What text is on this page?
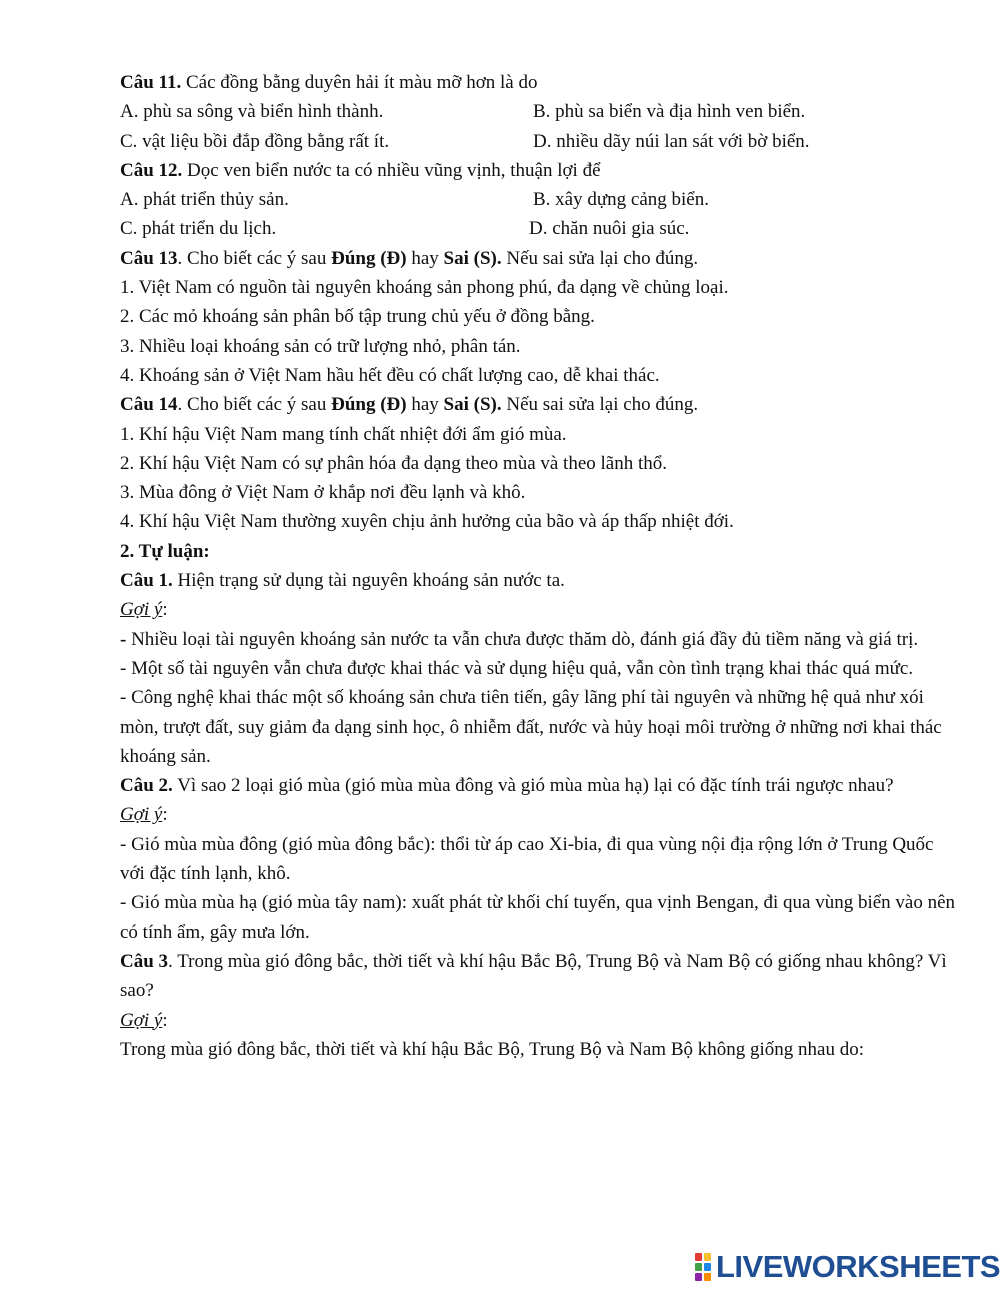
Câu 11. Các đồng bằng duyên hải ít màu mỡ hơn là do
A. phù sa sông và biển hình thành.	B. phù sa biển và địa hình ven biển.
C. vật liệu bồi đắp đồng bằng rất ít.	D. nhiều dãy núi lan sát với bờ biển.
Câu 12. Dọc ven biển nước ta có nhiều vũng vịnh, thuận lợi để
A. phát triển thủy sản.	B. xây dựng cảng biển.
C. phát triển du lịch.	D. chăn nuôi gia súc.
Câu 13. Cho biết các ý sau Đúng (Đ) hay Sai (S). Nếu sai sửa lại cho đúng.
1. Việt Nam có nguồn tài nguyên khoáng sản phong phú, đa dạng về chủng loại.
2. Các mỏ khoáng sản phân bố tập trung chủ yếu ở đồng bằng.
3. Nhiều loại khoáng sản có trữ lượng nhỏ, phân tán.
4. Khoáng sản ở Việt Nam hầu hết đều có chất lượng cao, dễ khai thác.
Câu 14. Cho biết các ý sau Đúng (Đ) hay Sai (S). Nếu sai sửa lại cho đúng.
1. Khí hậu Việt Nam mang tính chất nhiệt đới ẩm gió mùa.
2. Khí hậu Việt Nam có sự phân hóa đa dạng theo mùa và theo lãnh thổ.
3. Mùa đông ở Việt Nam ở khắp nơi đều lạnh và khô.
4. Khí hậu Việt Nam thường xuyên chịu ảnh hưởng của bão và áp thấp nhiệt đới.
2. Tự luận:
Câu 1. Hiện trạng sử dụng tài nguyên khoáng sản nước ta.
Gợi ý:
- Nhiều loại tài nguyên khoáng sản nước ta vẫn chưa được thăm dò, đánh giá đầy đủ tiềm năng và giá trị.
- Một số tài nguyên vẫn chưa được khai thác và sử dụng hiệu quả, vẫn còn tình trạng khai thác quá mức.
- Công nghệ khai thác một số khoáng sản chưa tiên tiến, gây lãng phí tài nguyên và những hệ quả như xói mòn, trượt đất, suy giảm đa dạng sinh học, ô nhiễm đất, nước và hủy hoại môi trường ở những nơi khai thác khoáng sản.
Câu 2. Vì sao 2 loại gió mùa (gió mùa mùa đông và gió mùa mùa hạ) lại có đặc tính trái ngược nhau?
Gợi ý:
- Gió mùa mùa đông (gió mùa đông bắc): thổi từ áp cao Xi-bia, đi qua vùng nội địa rộng lớn ở Trung Quốc với đặc tính lạnh, khô.
- Gió mùa mùa hạ (gió mùa tây nam): xuất phát từ khối chí tuyến, qua vịnh Bengan, đi qua vùng biển vào nên có tính ẩm, gây mưa lớn.
Câu 3. Trong mùa gió đông bắc, thời tiết và khí hậu Bắc Bộ, Trung Bộ và Nam Bộ có giống nhau không? Vì sao?
Gợi ý:
Trong mùa gió đông bắc, thời tiết và khí hậu Bắc Bộ, Trung Bộ và Nam Bộ không giống nhau do:
LIVEWORKSHEETS
